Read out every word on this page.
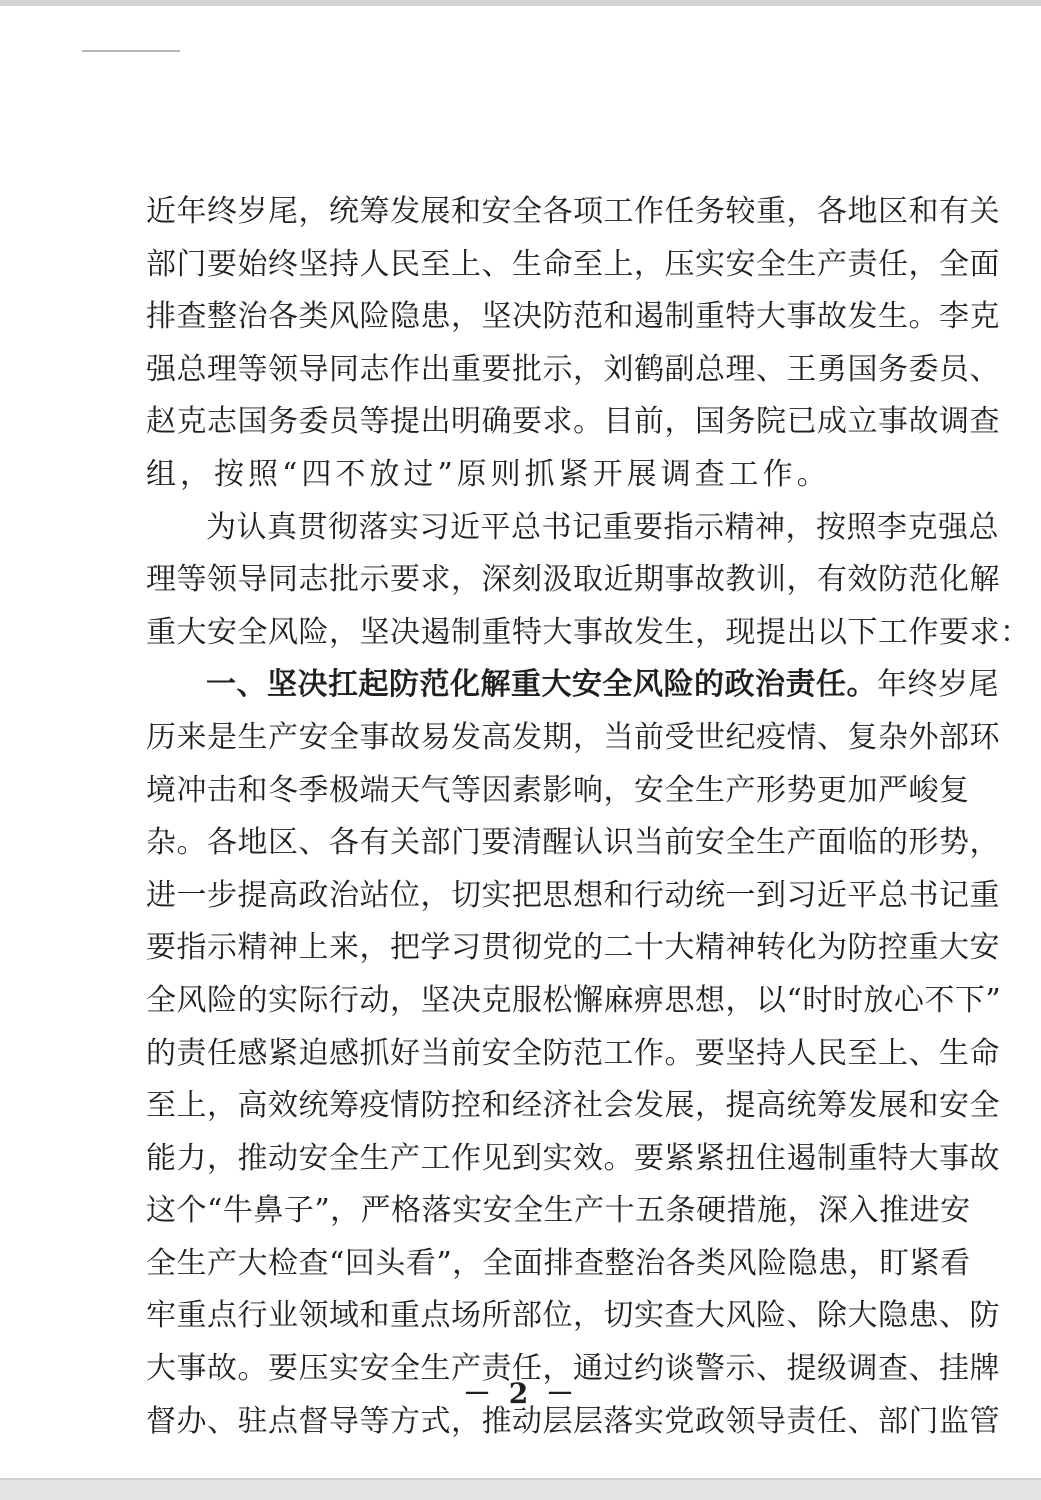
近年终岁尾，统筹发展和安全各项工作任务较重，各地区和有关
部门要始终坚持人民至上、生命至上，压实安全生产责任，全面
排查整治各类风险隐患，坚决防范和遏制重特大事故发生。李克
强总理等领导同志作出重要批示，刘鹤副总理、王勇国务委员、
赵克志国务委员等提出明确要求。目前，国务院已成立事故调查
组，按照“四不放过”原则抓紧开展调查工作。
为认真贯彻落实习近平总书记重要指示精神，按照李克强总
理等领导同志批示要求，深刻汲取近期事故教训，有效防范化解
重大安全风险，坚决遏制重特大事故发生，现提出以下工作要求：
一、坚决扛起防范化解重大安全风险的政治责任。年终岁尾
历来是生产安全事故易发高发期，当前受世纪疫情、复杂外部环
境冲击和冬季极端天气等因素影响，安全生产形势更加严峻复
杂。各地区、各有关部门要清醒认识当前安全生产面临的形势，
进一步提高政治站位，切实把思想和行动统一到习近平总书记重
要指示精神上来，把学习贯彻党的二十大精神转化为防控重大安
全风险的实际行动，坚决克服松懈麻痹思想，以“时时放心不下”
的责任感紧迫感抓好当前安全防范工作。要坚持人民至上、生命
至上，高效统筹疫情防控和经济社会发展，提高统筹发展和安全
能力，推动安全生产工作见到实效。要紧紧扭住遏制重特大事故
这个“牛鼻子”，严格落实安全生产十五条硬措施，深入推进安
全生产大检查“回头看”，全面排查整治各类风险隐患，盯紧看
牢重点行业领域和重点场所部位，切实查大风险、除大隐患、防
大事故。要压实安全生产责任，通过约谈警示、提级调查、挂牌
督办、驻点督导等方式，推动层层落实党政领导责任、部门监管
－ 2 －
